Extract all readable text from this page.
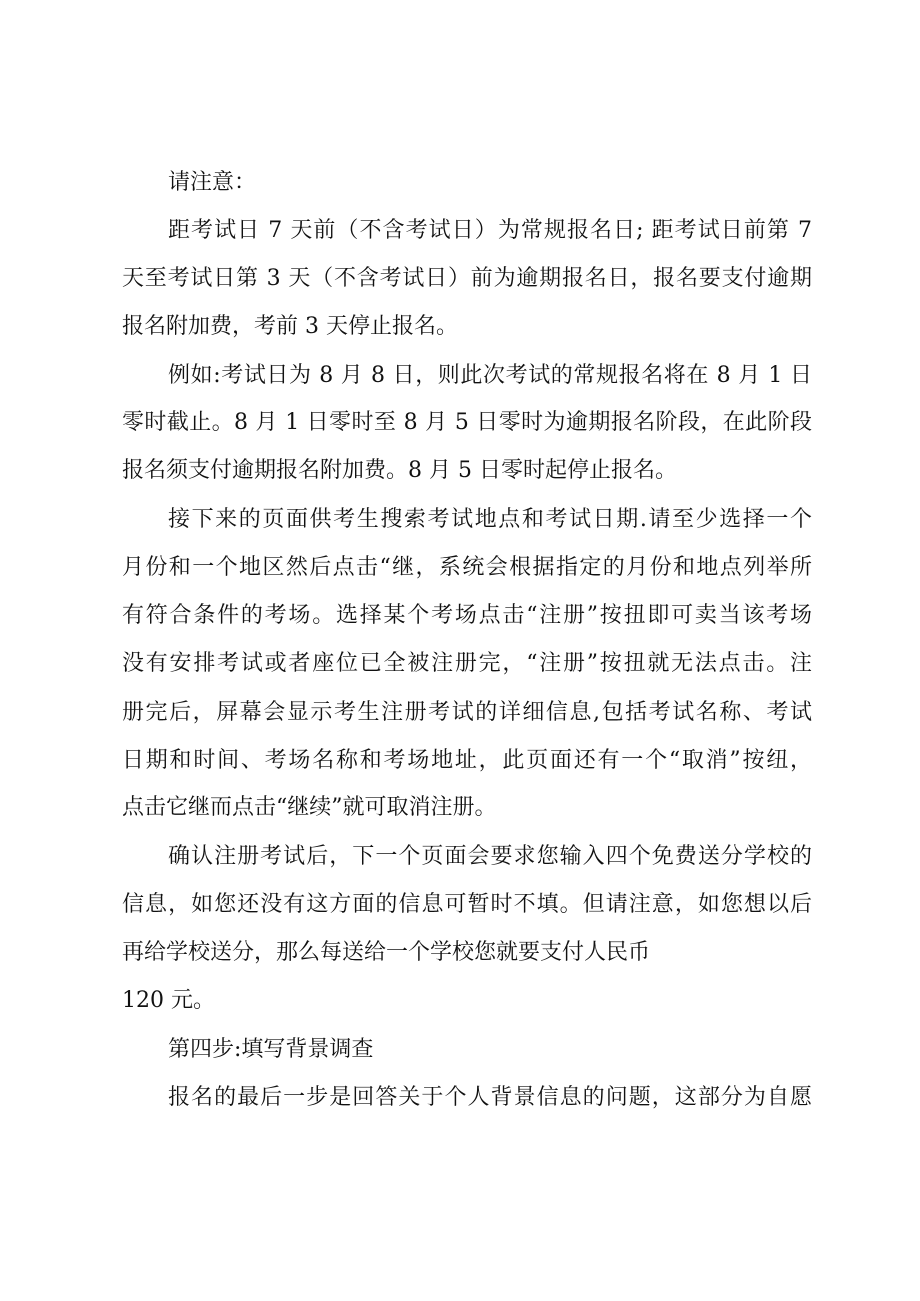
请注意：
距考试日 7 天前（不含考试日）为常规报名日; 距考试日前第 7
天至考试日第 3 天（不含考试日）前为逾期报名日，报名要支付逾期
报名附加费，考前 3 天停止报名。
例如:考试日为 8 月 8 日，则此次考试的常规报名将在 8 月 1 日
零时截止。8 月 1 日零时至 8 月 5 日零时为逾期报名阶段，在此阶段
报名须支付逾期报名附加费。8 月 5 日零时起停止报名。
接下来的页面供考生搜索考试地点和考试日期.请至少选择一个
月份和一个地区然后点击“继，系统会根据指定的月份和地点列举所
有符合条件的考场。选择某个考场点击“注册”按扭即可卖当该考场
没有安排考试或者座位已全被注册完，“注册”按扭就无法点击。注
册完后，屏幕会显示考生注册考试的详细信息,包括考试名称、考试
日期和时间、考场名称和考场地址，此页面还有一个“取消”按纽，
点击它继而点击“继续”就可取消注册。
确认注册考试后，下一个页面会要求您输入四个免费送分学校的
信息，如您还没有这方面的信息可暂时不填。但请注意，如您想以后
再给学校送分，那么每送给一个学校您就要支付人民币
120 元。
第四步:填写背景调查
报名的最后一步是回答关于个人背景信息的问题，这部分为自愿
